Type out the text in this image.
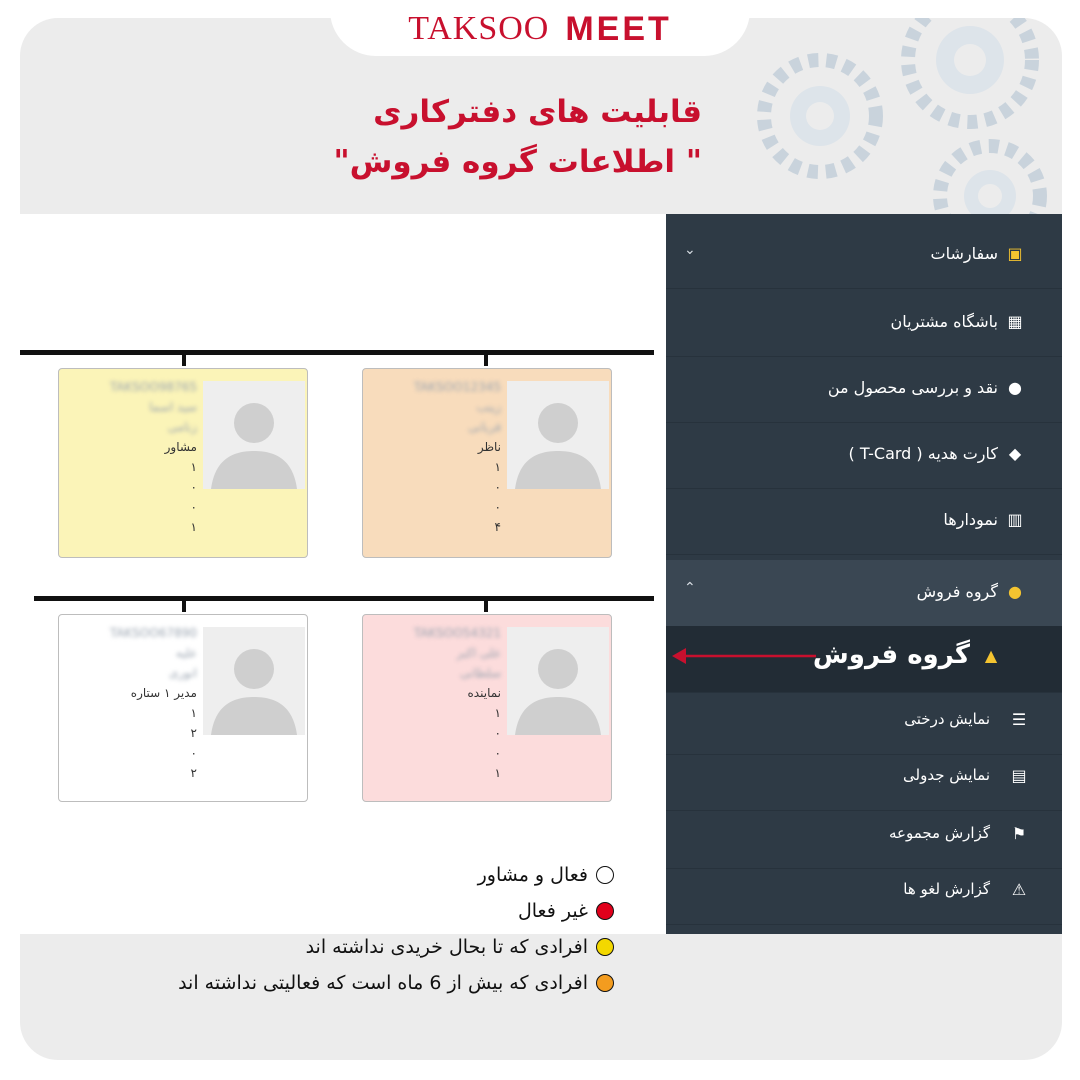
TAKSOO MEET
قابلیت های دفترکاری
" اطلاعات گروه فروش"
TAKSOO12345
زینب
قربانی
ناظر
۱
۰
۰
۴
TAKSOO98765
سید اسما
زنامی
مشاور
۱
۰
۰
۱
TAKSOO54321
علی اکبر
سلطانی
نماینده
۱
۰
۰
۱
TAKSOO67890
علیه
انوری
مدیر ۱ ستاره
۱
۲
۰
۲
▣
سفارشات
⌄
▦
باشگاه مشتریان
●
نقد و بررسی محصول من
◆
کارت هدیه ( T-Card )
▥
نمودارها
●
گروه فروش
⌃
▲
گروه فروش
☰
نمایش درختی
▤
نمایش جدولی
⚑
گزارش مجموعه
⚠
گزارش لغو ها
فعال و مشاور
غیر فعال
افرادی که تا بحال خریدی نداشته اند
افرادی که بیش از 6 ماه است که فعالیتی نداشته اند
